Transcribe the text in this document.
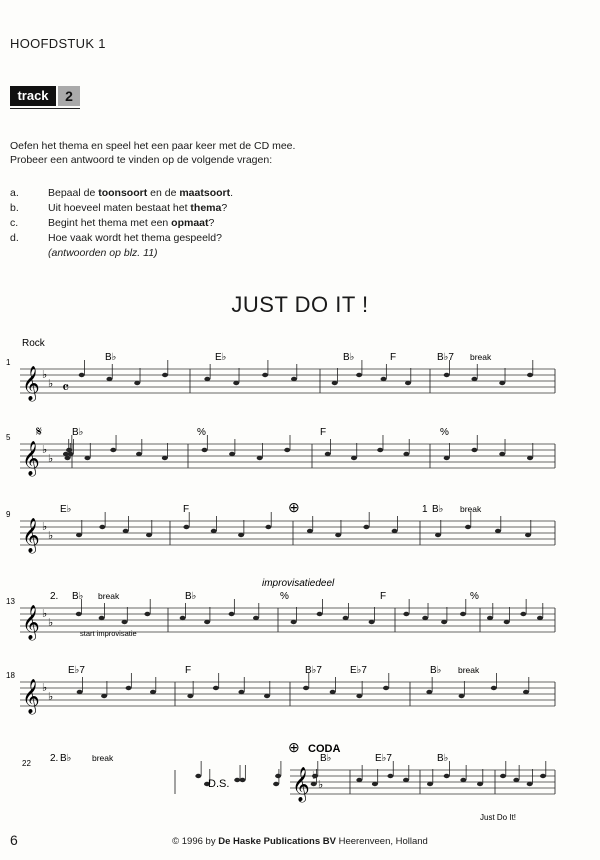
HOOFDSTUK 1
track	2
Oefen het thema en speel het een paar keer met de CD mee.
Probeer een antwoord te vinden op de volgende vragen:
a.	Bepaal de toonsoort en de maatsoort.
b.	Uit hoeveel maten bestaat het thema?
c.	Begint het thema met een opmaat?
d.	Hoe vaak wordt het thema gespeeld?
(antwoorden op blz. 11)
JUST DO IT !
Rock
𝄞 ♭
♭
1	B♭	E♭	B♭	F	B♭7 break
𝄞 ♭
♭
5	B♭	%	F	%
𝄞 ♭
♭
9	E♭	F	1 B♭ break
𝄞 ♭
♭
13	2. B♭ break	B♭	%	F	%
𝄞 ♭
♭
18	E♭7	F	B♭7	E♭7	B♭ break
𝄞 ♭
22 2. B♭ break	B♭	E♭7	B♭
𝄴
⊕
𝄋
⊕
improvisatiedeel
start improvisatie
D.S.
CODA
Just Do It!
6	© 1996 by De Haske Publications BV Heerenveen, Holland
